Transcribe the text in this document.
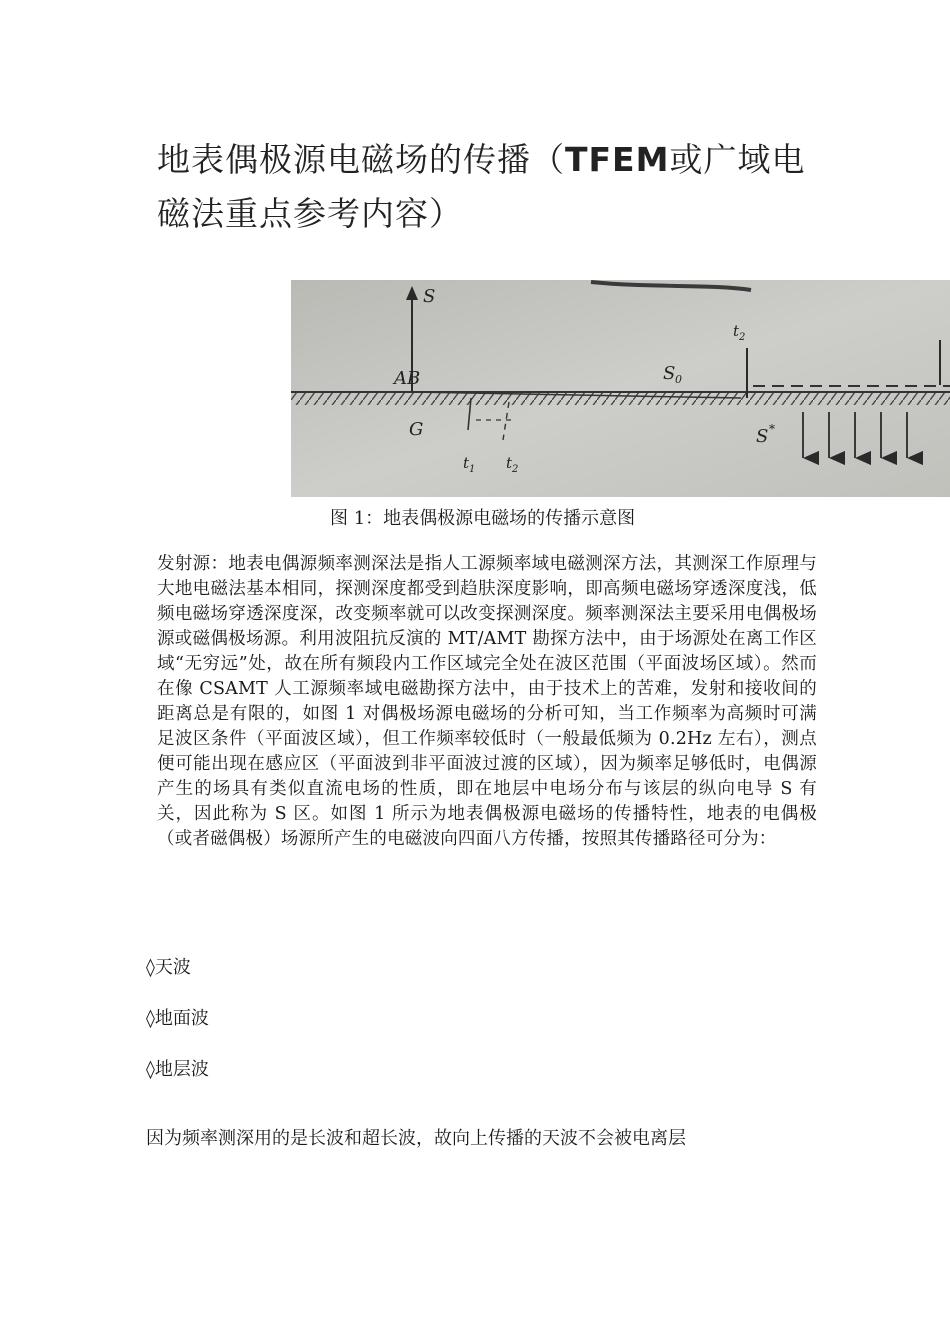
地表偶极源电磁场的传播（TFEM或广域电磁法重点参考内容）
S
AB
G
t 1 t 2
S 0
t 2
S *
图 1：地表偶极源电磁场的传播示意图
发射源：地表电偶源频率测深法是指人工源频率域电磁测深方法，其测深工作原理与大地电磁法基本相同，探测深度都受到趋肤深度影响，即高频电磁场穿透深度浅，低频电磁场穿透深度深，改变频率就可以改变探测深度。频率测深法主要采用电偶极场源或磁偶极场源。利用波阻抗反演的 MT/AMT 勘探方法中，由于场源处在离工作区域“无穷远”处，故在所有频段内工作区域完全处在波区范围（平面波场区域）。然而在像 CSAMT 人工源频率域电磁勘探方法中，由于技术上的苦难，发射和接收间的距离总是有限的，如图 1 对偶极场源电磁场的分析可知，当工作频率为高频时可满足波区条件（平面波区域），但工作频率较低时（一般最低频为 0.2Hz 左右），测点便可能出现在感应区（平面波到非平面波过渡的区域），因为频率足够低时，电偶源产生的场具有类似直流电场的性质，即在地层中电场分布与该层的纵向电导 S 有关，因此称为 S 区。如图 1 所示为地表偶极源电磁场的传播特性，地表的电偶极（或者磁偶极）场源所产生的电磁波向四面八方传播，按照其传播路径可分为：
◊天波
◊地面波
◊地层波
因为频率测深用的是长波和超长波，故向上传播的天波不会被电离层
